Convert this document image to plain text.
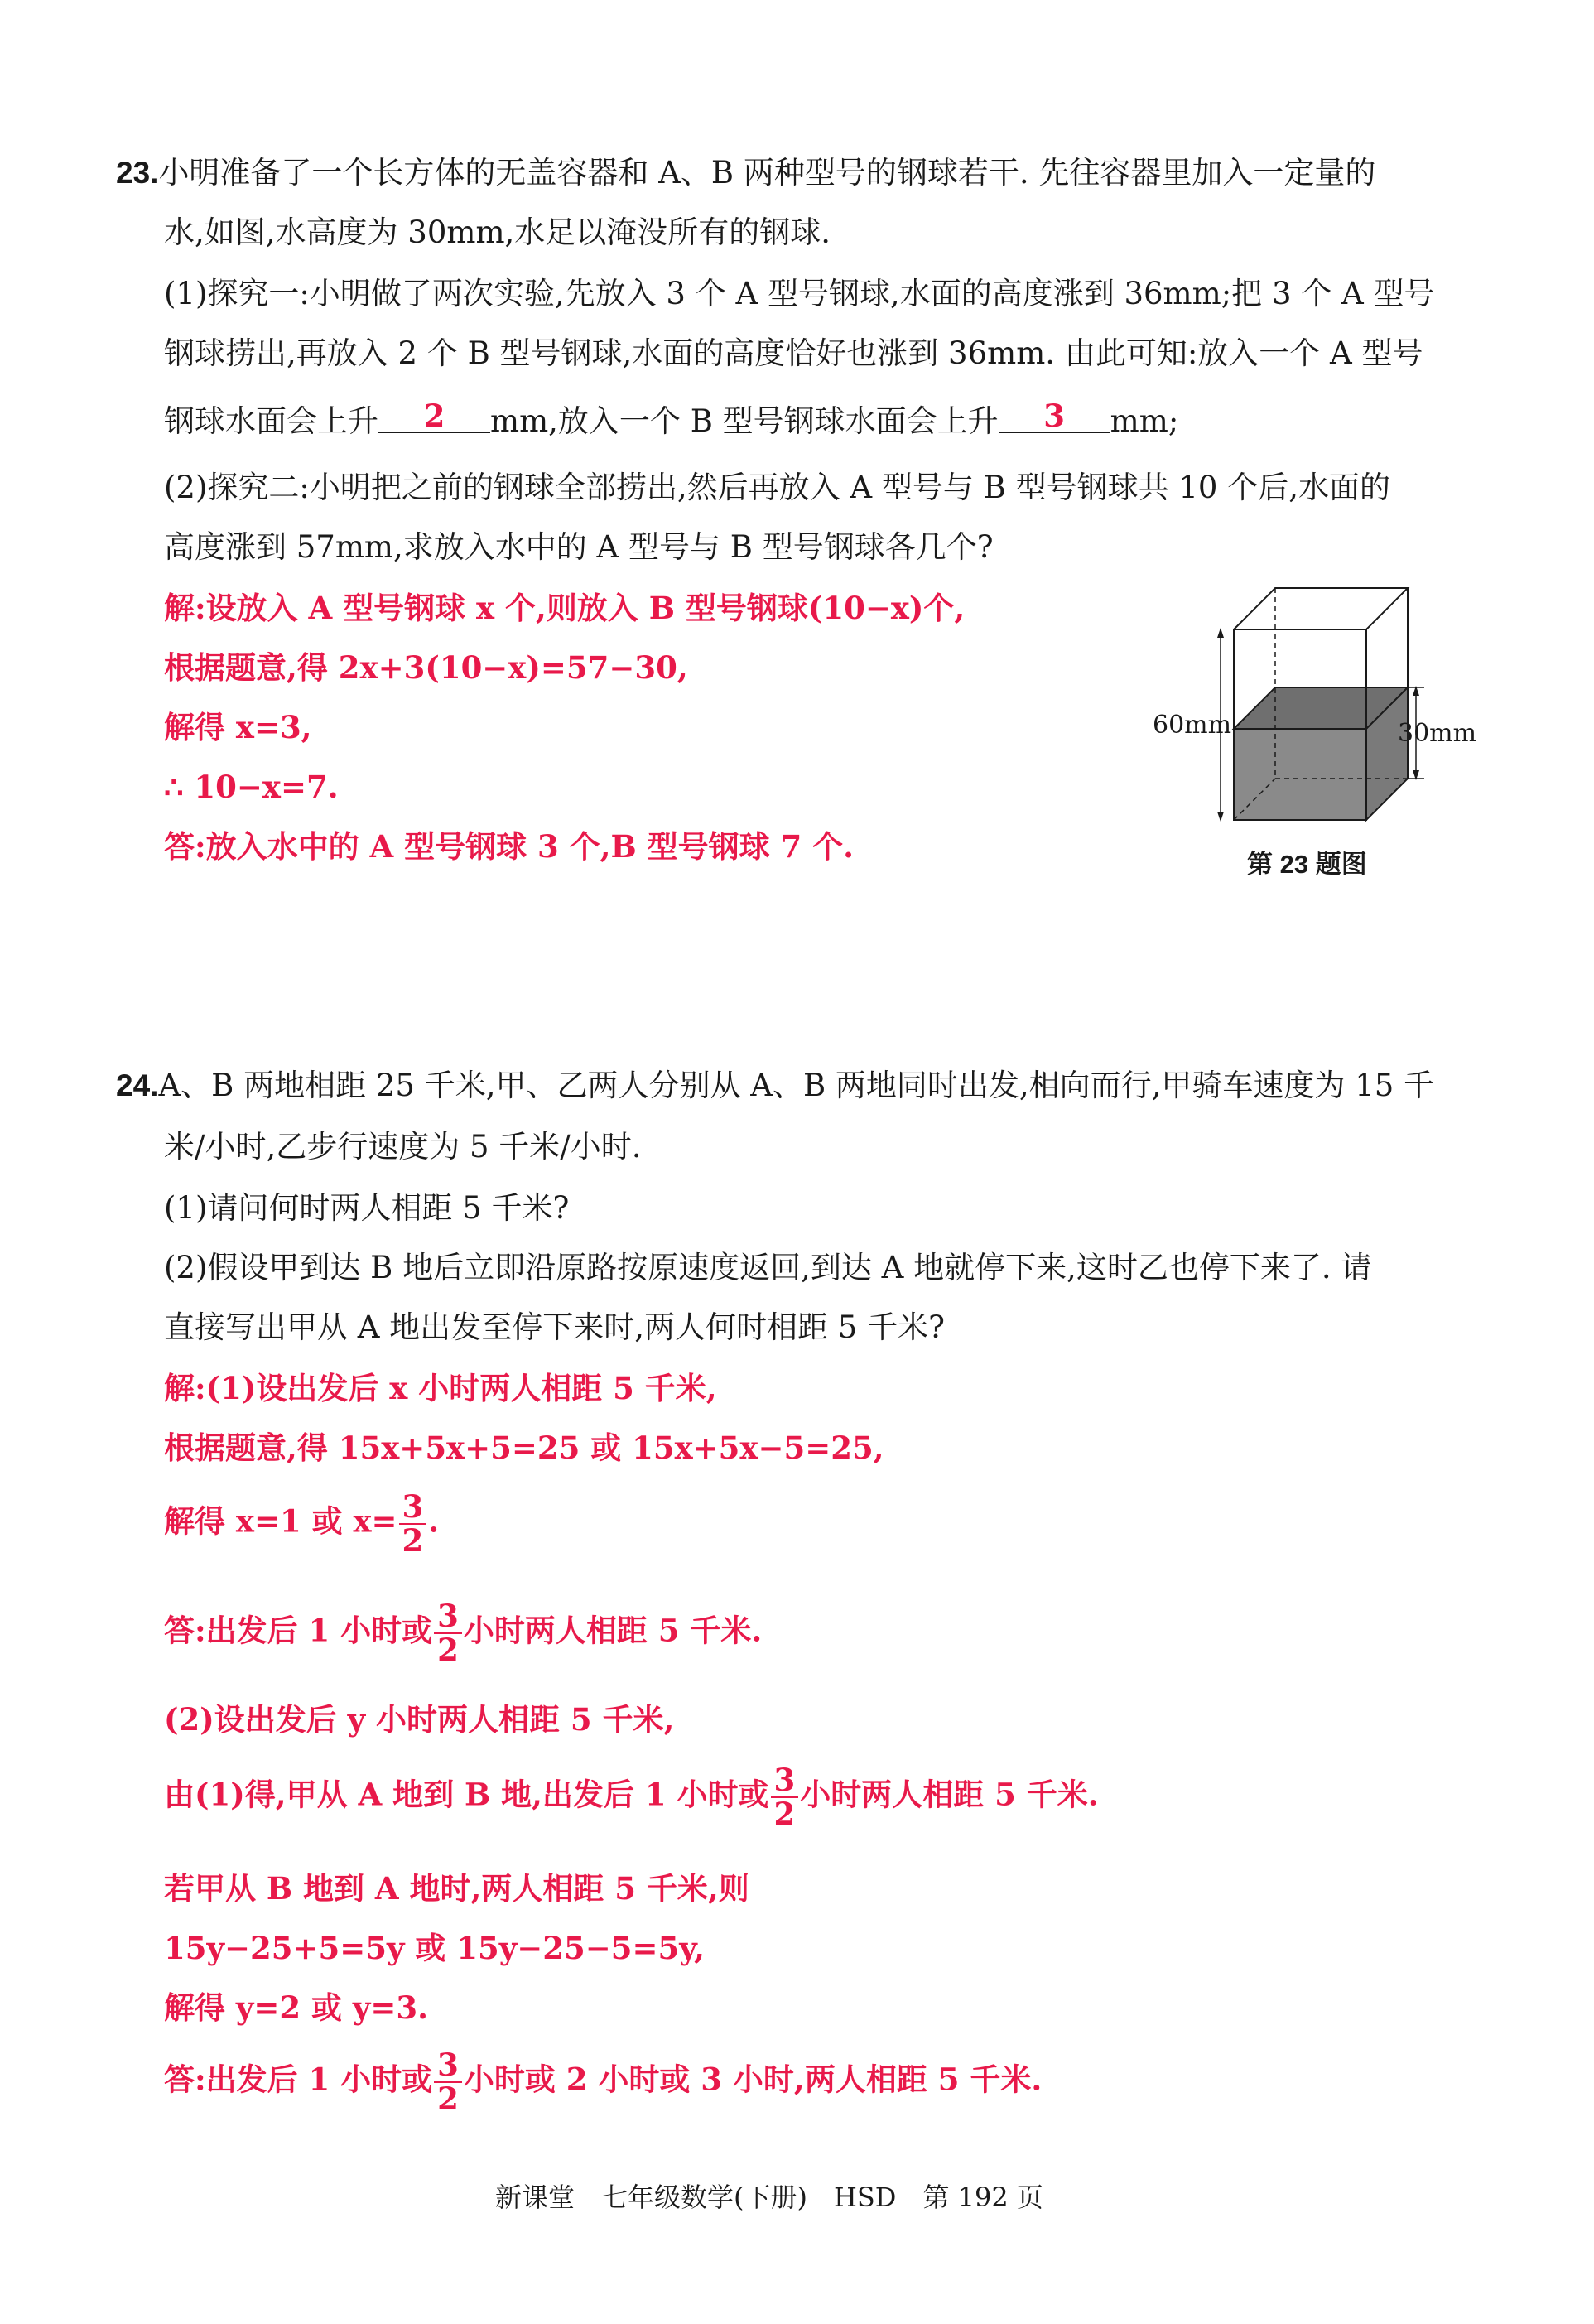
23.小明准备了一个长方体的无盖容器和 A、B 两种型号的钢球若干. 先往容器里加入一定量的
水,如图,水高度为 30mm,水足以淹没所有的钢球.
(1)探究一:小明做了两次实验,先放入 3 个 A 型号钢球,水面的高度涨到 36mm;把 3 个 A 型号
钢球捞出,再放入 2 个 B 型号钢球,水面的高度恰好也涨到 36mm. 由此可知:放入一个 A 型号
钢球水面会上升 2 mm,放入一个 B 型号钢球水面会上升 3 mm;
(2)探究二:小明把之前的钢球全部捞出,然后再放入 A 型号与 B 型号钢球共 10 个后,水面的
高度涨到 57mm,求放入水中的 A 型号与 B 型号钢球各几个?
解:设放入 A 型号钢球 x 个,则放入 B 型号钢球(10−x)个,
根据题意,得 2x+3(10−x)=57−30,
解得 x=3,
∴ 10−x=7.
答:放入水中的 A 型号钢球 3 个,B 型号钢球 7 个.
60mm	30mm
第 23 题图
24.A、B 两地相距 25 千米,甲、乙两人分别从 A、B 两地同时出发,相向而行,甲骑车速度为 15 千
米/小时,乙步行速度为 5 千米/小时.
(1)请问何时两人相距 5 千米?
(2)假设甲到达 B 地后立即沿原路按原速度返回,到达 A 地就停下来,这时乙也停下来了. 请
直接写出甲从 A 地出发至停下来时,两人何时相距 5 千米?
解:(1)设出发后 x 小时两人相距 5 千米,
根据题意,得 15x+5x+5=25 或 15x+5x−5=25,
解得 x=1 或 $x= \frac{3}{2}$ .
答:出发后 1 小时或 $\frac{3}{2}$ 小时两人相距 5 千米.
(2)设出发后 y 小时两人相距 5 千米,
由(1)得,甲从 A 地到 B 地,出发后 1 小时或 $\frac{3}{2}$ 小时两人相距 5 千米.
若甲从 B 地到 A 地时,两人相距 5 千米,则
15y−25+5=5y 或 15y−25−5=5y,
解得 y=2 或 y=3.
答:出发后 1 小时或 $\frac{3}{2}$ 小时或 2 小时或 3 小时,两人相距 5 千米.
新课堂　七年级数学(下册)　HSD　第 192 页
